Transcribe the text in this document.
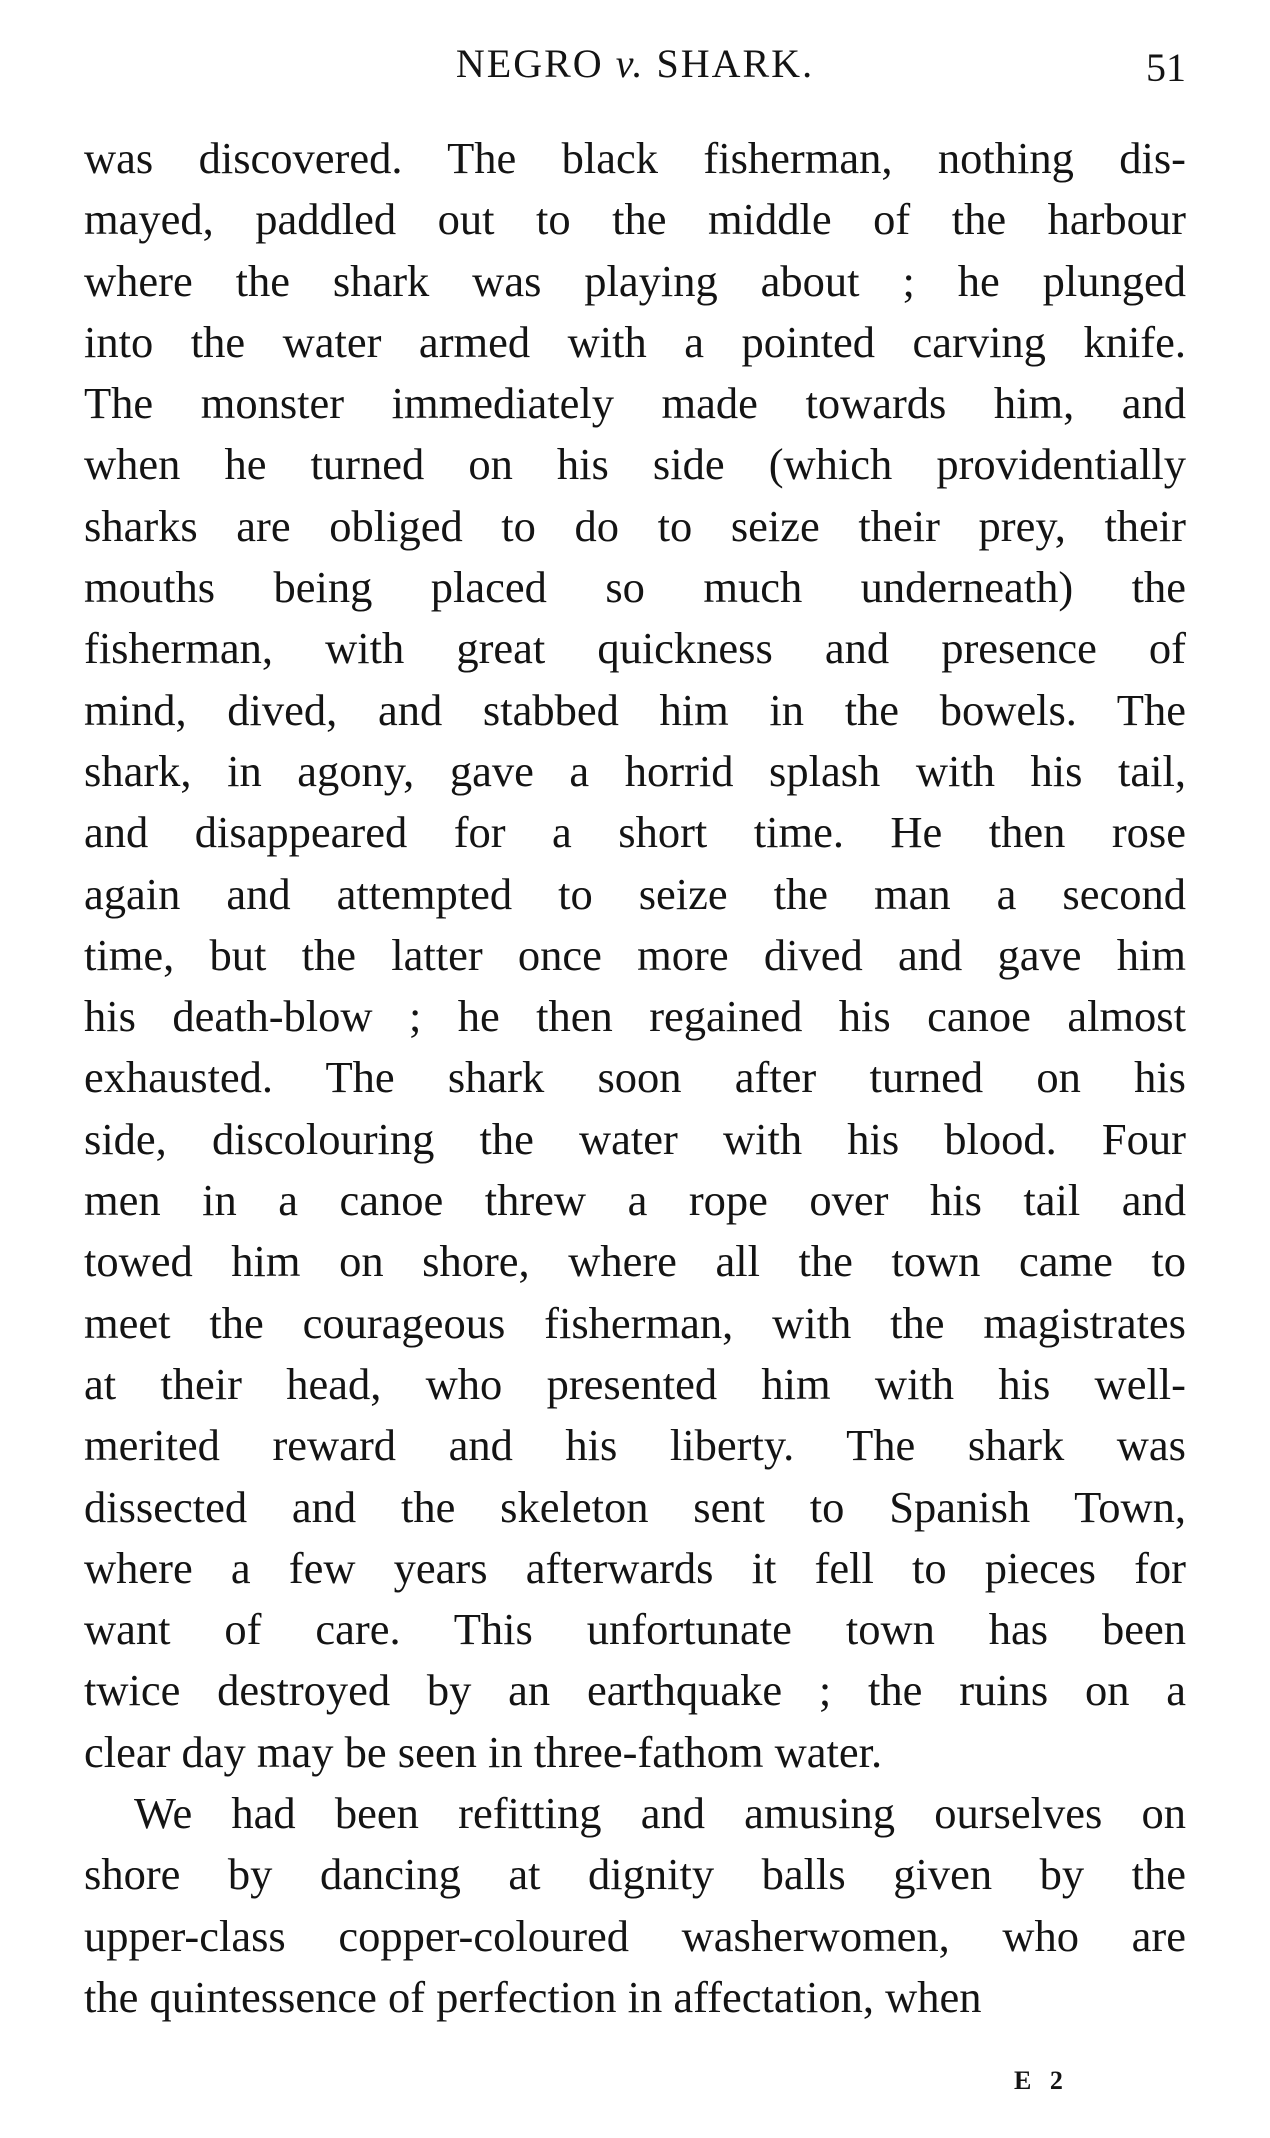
NEGRO v. SHARK.	51

was discovered. The black fisherman, nothing dis-
mayed, paddled out to the middle of the harbour
where the shark was playing about ; he plunged
into the water armed with a pointed carving knife.
The monster immediately made towards him, and
when he turned on his side (which providentially
sharks are obliged to do to seize their prey, their
mouths being placed so much underneath) the
fisherman, with great quickness and presence of
mind, dived, and stabbed him in the bowels. The
shark, in agony, gave a horrid splash with his tail,
and disappeared for a short time. He then rose
again and attempted to seize the man a second
time, but the latter once more dived and gave him
his death-blow ; he then regained his canoe almost
exhausted. The shark soon after turned on his
side, discolouring the water with his blood. Four
men in a canoe threw a rope over his tail and
towed him on shore, where all the town came to
meet the courageous fisherman, with the magistrates
at their head, who presented him with his well-
merited reward and his liberty. The shark was
dissected and the skeleton sent to Spanish Town,
where a few years afterwards it fell to pieces for
want of care. This unfortunate town has been
twice destroyed by an earthquake ; the ruins on a
clear day may be seen in three-fathom water.

We had been refitting and amusing ourselves on
shore by dancing at dignity balls given by the
upper-class copper-coloured washerwomen, who are
the quintessence of perfection in affectation, when

E 2
